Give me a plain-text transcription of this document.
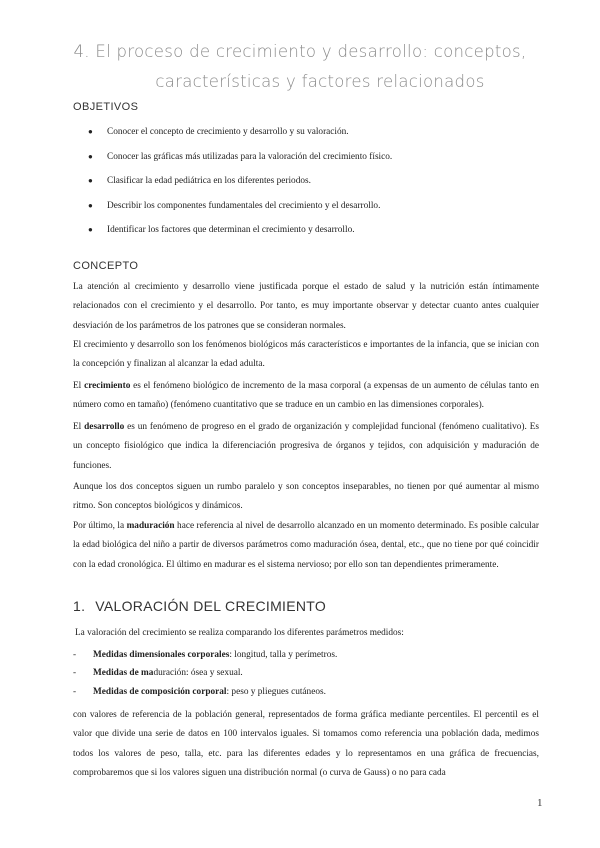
4. El proceso de crecimiento y desarrollo: conceptos,
características y factores relacionados
OBJETIVOS
● Conocer el concepto de crecimiento y desarrollo y su valoración.
● Conocer las gráficas más utilizadas para la valoración del crecimiento físico.
● Clasificar la edad pediátrica en los diferentes periodos.
● Describir los componentes fundamentales del crecimiento y el desarrollo.
● Identificar los factores que determinan el crecimiento y desarrollo.
CONCEPTO

La atención al crecimiento y desarrollo viene justificada porque el estado de salud y la nutrición están íntimamente relacionados con el crecimiento y el desarrollo. Por tanto, es muy importante observar y detectar cuanto antes cualquier desviación de los parámetros de los patrones que se consideran normales.

El crecimiento y desarrollo son los fenómenos biológicos más característicos e importantes de la infancia, que se inician con la concepción y finalizan al alcanzar la edad adulta.

El crecimiento es el fenómeno biológico de incremento de la masa corporal (a expensas de un aumento de células tanto en número como en tamaño) (fenómeno cuantitativo que se traduce en un cambio en las dimensiones corporales).

El desarrollo es un fenómeno de progreso en el grado de organización y complejidad funcional (fenómeno cualitativo). Es un concepto fisiológico que indica la diferenciación progresiva de órganos y tejidos, con adquisición y maduración de funciones.

Aunque los dos conceptos siguen un rumbo paralelo y son conceptos inseparables, no tienen por qué aumentar al mismo ritmo. Son conceptos biológicos y dinámicos.

Por último, la maduración hace referencia al nivel de desarrollo alcanzado en un momento determinado. Es posible calcular la edad biológica del niño a partir de diversos parámetros como maduración ósea, dental, etc., que no tiene por qué coincidir con la edad cronológica. El último en madurar es el sistema nervioso; por ello son tan dependientes primeramente.

1. VALORACIÓN DEL CRECIMIENTO

La valoración del crecimiento se realiza comparando los diferentes parámetros medidos:

- Medidas dimensionales corporales: longitud, talla y perímetros.
- Medidas de maduración: ósea y sexual.
- Medidas de composición corporal: peso y pliegues cutáneos.

con valores de referencia de la población general, representados de forma gráfica mediante percentiles. El percentil es el valor que divide una serie de datos en 100 intervalos iguales. Si tomamos como referencia una población dada, medimos todos los valores de peso, talla, etc. para las diferentes edades y lo representamos en una gráfica de frecuencias, comprobaremos que si los valores siguen una distribución normal (o curva de Gauss) o no para cada

1
